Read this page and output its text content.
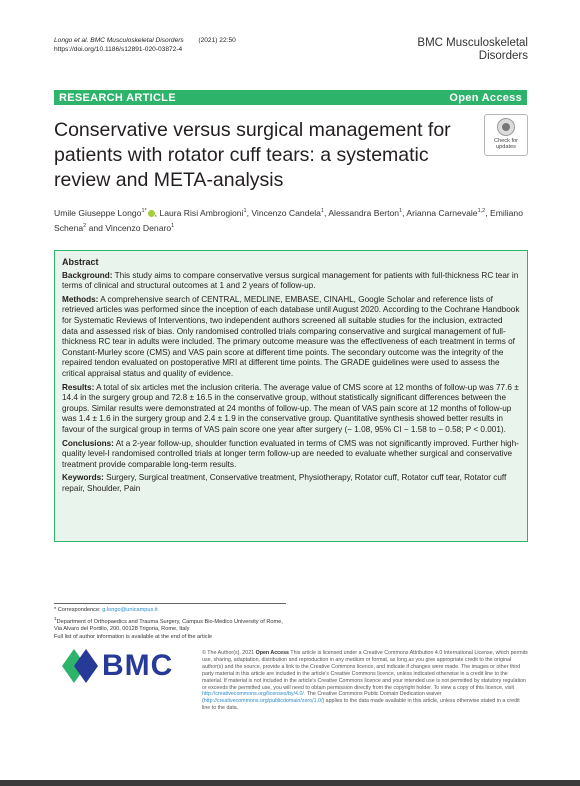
Longo et al. BMC Musculoskeletal Disorders (2021) 22:50
https://doi.org/10.1186/s12891-020-03872-4
BMC Musculoskeletal
Disorders
RESEARCH ARTICLE	Open Access
Conservative versus surgical management for patients with rotator cuff tears: a systematic review and META-analysis
Check for
updates
Umile Giuseppe Longo$^{1*}$ , Laura Risi Ambrogioni$^1$, Vincenzo Candela$^1$, Alessandra Berton$^1$, Arianna Carnevale$^{1,2}$, Emiliano Schena$^2$ and Vincenzo Denaro$^1$
Abstract

Background: This study aims to compare conservative versus surgical management for patients with full-thickness RC tear in terms of clinical and structural outcomes at 1 and 2 years of follow-up.

Methods: A comprehensive search of CENTRAL, MEDLINE, EMBASE, CINAHL, Google Scholar and reference lists of retrieved articles was performed since the inception of each database until August 2020. According to the Cochrane Handbook for Systematic Reviews of Interventions, two independent authors screened all suitable studies for the inclusion, extracted data and assessed risk of bias. Only randomised controlled trials comparing conservative and surgical management of full-thickness RC tear in adults were included. The primary outcome measure was the effectiveness of each treatment in terms of Constant-Murley score (CMS) and VAS pain score at different time points. The secondary outcome was the integrity of the repaired tendon evaluated on postoperative MRI at different time points. The GRADE guidelines were used to assess the critical appraisal status and quality of evidence.

Results: A total of six articles met the inclusion criteria. The average value of CMS score at 12 months of follow-up was 77.6 ± 14.4 in the surgery group and 72.8 ± 16.5 in the conservative group, without statistically significant differences between the groups. Similar results were demonstrated at 24 months of follow-up. The mean of VAS pain score at 12 months of follow-up was 1.4 ± 1.6 in the surgery group and 2.4 ± 1.9 in the conservative group. Quantitative synthesis showed better results in favour of the surgical group in terms of VAS pain score one year after surgery (− 1.08, 95% CI − 1.58 to − 0.58; P < 0.001).

Conclusions: At a 2-year follow-up, shoulder function evaluated in terms of CMS was not significantly improved. Further high-quality level-I randomised controlled trials at longer term follow-up are needed to evaluate whether surgical and conservative treatment provide comparable long-term results.

Keywords: Surgery, Surgical treatment, Conservative treatment, Physiotherapy, Rotator cuff, Rotator cuff tear, Rotator cuff repair, Shoulder, Pain

* Correspondence: g.longo@unicampus.it
$^1$Department of Orthopaedics and Trauma Surgery, Campus Bio-Medico University of Rome, Via Alvaro del Portillo, 200, 00128 Trigoria, Rome, Italy
Full list of author information is available at the end of the article
BMC	© The Author(s). 2021 Open Access This article is licensed under a Creative Commons Attribution 4.0 International License, which permits use, sharing, adaptation, distribution and reproduction in any medium or format, as long as you give appropriate credit to the original author(s) and the source, provide a link to the Creative Commons licence, and indicate if changes were made. The images or other third party material in this article are included in the article's Creative Commons licence, unless indicated otherwise in a credit line to the material. If material is not included in the article's Creative Commons licence and your intended use is not permitted by statutory regulation or exceeds the permitted use, you will need to obtain permission directly from the copyright holder. To view a copy of this licence, visit http://creativecommons.org/licenses/by/4.0/. The Creative Commons Public Domain Dedication waiver (http://creativecommons.org/publicdomain/zero/1.0/) applies to the data made available in this article, unless otherwise stated in a credit line to the data.
